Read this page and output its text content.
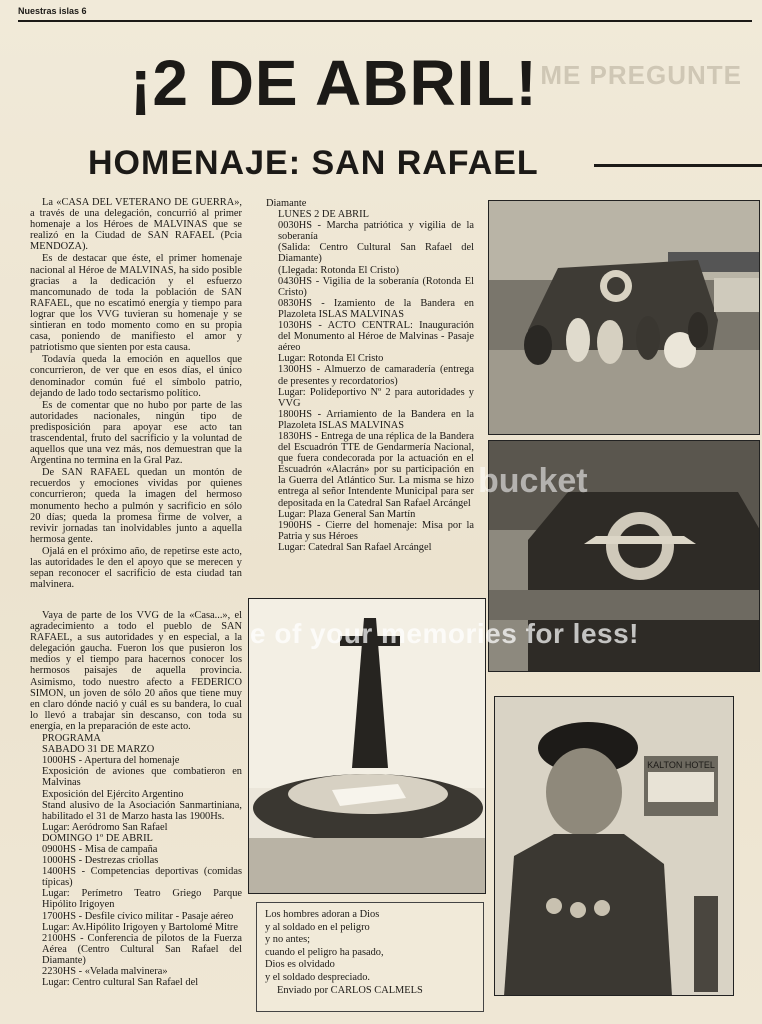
Nuestras islas 6
ME PREGUNTE
¡2 DE ABRIL!
HOMENAJE: SAN RAFAEL

La «CASA DEL VETERANO DE GUERRA», a través de una delegación, concurrió al primer homenaje a los Héroes de MALVINAS que se realizó en la Ciudad de SAN RAFAEL (Pcia MENDOZA).

Es de destacar que éste, el primer homenaje nacional al Héroe de MALVINAS, ha sido posible gracias a la dedicación y el esfuerzo mancomunado de toda la población de SAN RAFAEL, que no escatimó energía y tiempo para lograr que los VVG tuvieran su homenaje y se sintieran en todo momento como en su propia casa, poniendo de manifiesto el amor y patriotismo que sienten por esta causa.

Todavía queda la emoción en aquellos que concurrieron, de ver que en esos días, el único denominador común fué el símbolo patrio, dejando de lado todo sectarismo político.

Es de comentar que no hubo por parte de las autoridades nacionales, ningún tipo de predisposición para apoyar ese acto tan trascendental, fruto del sacrificio y la voluntad de aquellos que una vez más, nos demuestran que la Argentina no termina en la Gral Paz.

De SAN RAFAEL quedan un montón de recuerdos y emociones vividas por quienes concurrieron; queda la imagen del hermoso monumento hecho a pulmón y sacrificio en sólo 20 días; queda la promesa firme de volver, a revivir jornadas tan inolvidables junto a aquella hermosa gente.

Ojalá en el próximo año, de repetirse este acto, las autoridades le den el apoyo que se merecen y sepan reconocer el sacrificio de esta ciudad tan malvinera.

Vaya de parte de los VVG de la «Casa...», el agradecimiento a todo el pueblo de SAN RAFAEL, a sus autoridades y en especial, a la delegación gaucha. Fueron los que pusieron los medios y el tiempo para hacernos conocer los hermosos paisajes de aquella provincia. Asimismo, todo nuestro afecto a FEDERICO SIMON, un joven de sólo 20 años que tiene muy en claro dónde nació y cuál es su bandera, lo cual lo llevó a trabajar sin descanso, con toda su energía, en la preparación de este acto.

PROGRAMA
SABADO 31 DE MARZO
1000HS - Apertura del homenaje
Exposición de aviones que combatieron en Malvinas
Exposición del Ejército Argentino
Stand alusivo de la Asociación Sanmartiniana, habilitado el 31 de Marzo hasta las 1900Hs.
Lugar: Aeródromo San Rafael
DOMINGO 1º DE ABRIL
0900HS - Misa de campaña
1000HS - Destrezas criollas
1400HS - Competencias deportivas (comidas típicas)
Lugar: Perímetro Teatro Griego Parque Hipólito Irigoyen
1700HS - Desfile cívico militar - Pasaje aéreo
Lugar: Av.Hipólito Irigoyen y Bartolomé Mitre
2100HS - Conferencia de pilotos de la Fuerza Aérea (Centro Cultural San Rafael del Diamante)
2230HS - «Velada malvinera»
Lugar: Centro cultural San Rafael del
Diamante
LUNES 2 DE ABRIL
0030HS - Marcha patriótica y vigilia de la soberanía
(Salida: Centro Cultural San Rafael del Diamante)
(Llegada: Rotonda El Cristo)
0430HS - Vigilia de la soberanía (Rotonda El Cristo)
0830HS - Izamiento de la Bandera en Plazoleta ISLAS MALVINAS
1030HS - ACTO CENTRAL: Inauguración del Monumento al Héroe de Malvinas - Pasaje aéreo
Lugar: Rotonda El Cristo
1300HS - Almuerzo de camaradería (entrega de presentes y recordatorios)
Lugar: Polideportivo Nº 2 para autoridades y VVG
1800HS - Arriamiento de la Bandera en la Plazoleta ISLAS MALVINAS
1830HS - Entrega de una réplica de la Bandera del Escuadrón TTE de Gendarmería Nacional, que fuera condecorada por la actuación en el Escuadrón «Alacrán» por su participación en la Guerra del Atlántico Sur. La misma se hizo entrega al señor Intendente Municipal para ser depositada en la Catedral San Rafael Arcángel
Lugar: Plaza General San Martín
1900HS - Cierre del homenaje: Misa por la Patria y sus Héroes
Lugar: Catedral San Rafael Arcángel
KALTON HOTEL
Los hombres adoran a Dios
y al soldado en el peligro
y no antes;
cuando el peligro ha pasado,
Dios es olvidado
y el soldado despreciado.
Enviado por CARLOS CALMELS
bucket
e of your memories for less!
